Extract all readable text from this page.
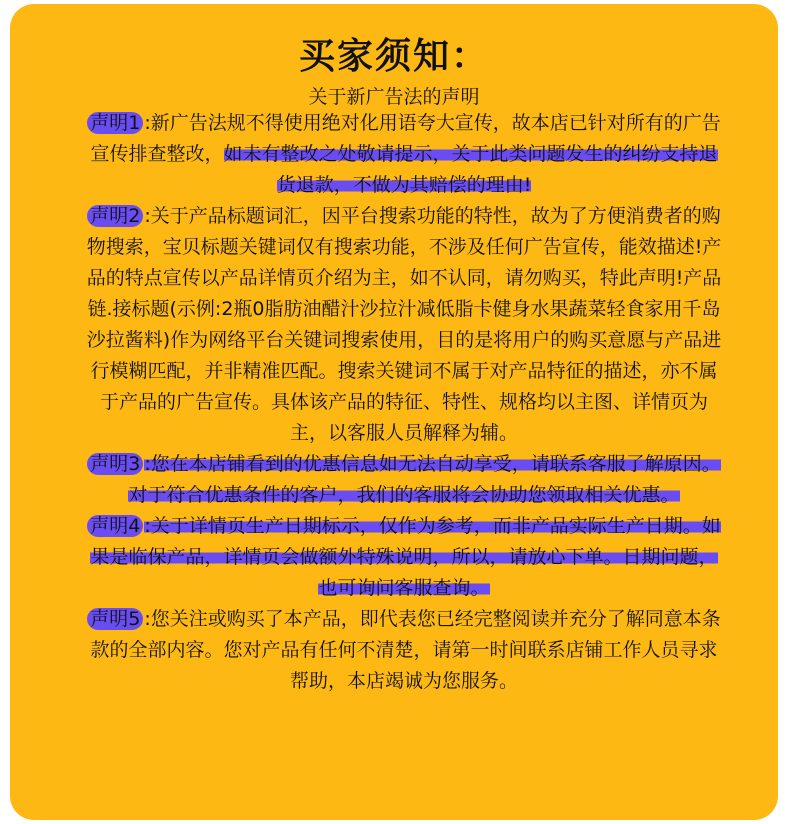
买家须知：
关于新广告法的声明
声明1 :新广告法规不得使用绝对化用语夸大宣传，故本店已针对所有的广告宣传排查整改，如未有整改之处敬请提示，关于此类问题发生的纠纷支持退货退款，不做为其赔偿的理由!
声明2 :关于产品标题词汇，因平台搜索功能的特性，故为了方便消费者的购物搜索，宝贝标题关键词仅有搜索功能，不涉及任何广告宣传，能效描述!产品的特点宣传以产品详情页介绍为主，如不认同，请勿购买，特此声明!产品链.接标题(示例:2瓶0脂肪油醋汁沙拉汁减低脂卡健身水果蔬菜轻食家用千岛沙拉酱料)作为网络平台关键词搜索使用，目的是将用户的购买意愿与产品进行模糊匹配，并非精准匹配。搜索关键词不属于对产品特征的描述，亦不属于产品的广告宣传。具体该产品的特征、特性、规格均以主图、详情页为主，以客服人员解释为辅。
声明3 :您在本店铺看到的优惠信息如无法自动享受，请联系客服了解原因。对于符合优惠条件的客户，我们的客服将会协助您领取相关优惠。
声明4 :关于详情页生产日期标示，仅作为参考，而非产品实际生产日期。如果是临保产品，详情页会做额外特殊说明，所以，请放心下单。日期问题，也可询问客服查询。
声明5 :您关注或购买了本产品，即代表您已经完整阅读并充分了解同意本条款的全部内容。您对产品有任何不清楚，请第一时间联系店铺工作人员寻求帮助，本店竭诚为您服务。
